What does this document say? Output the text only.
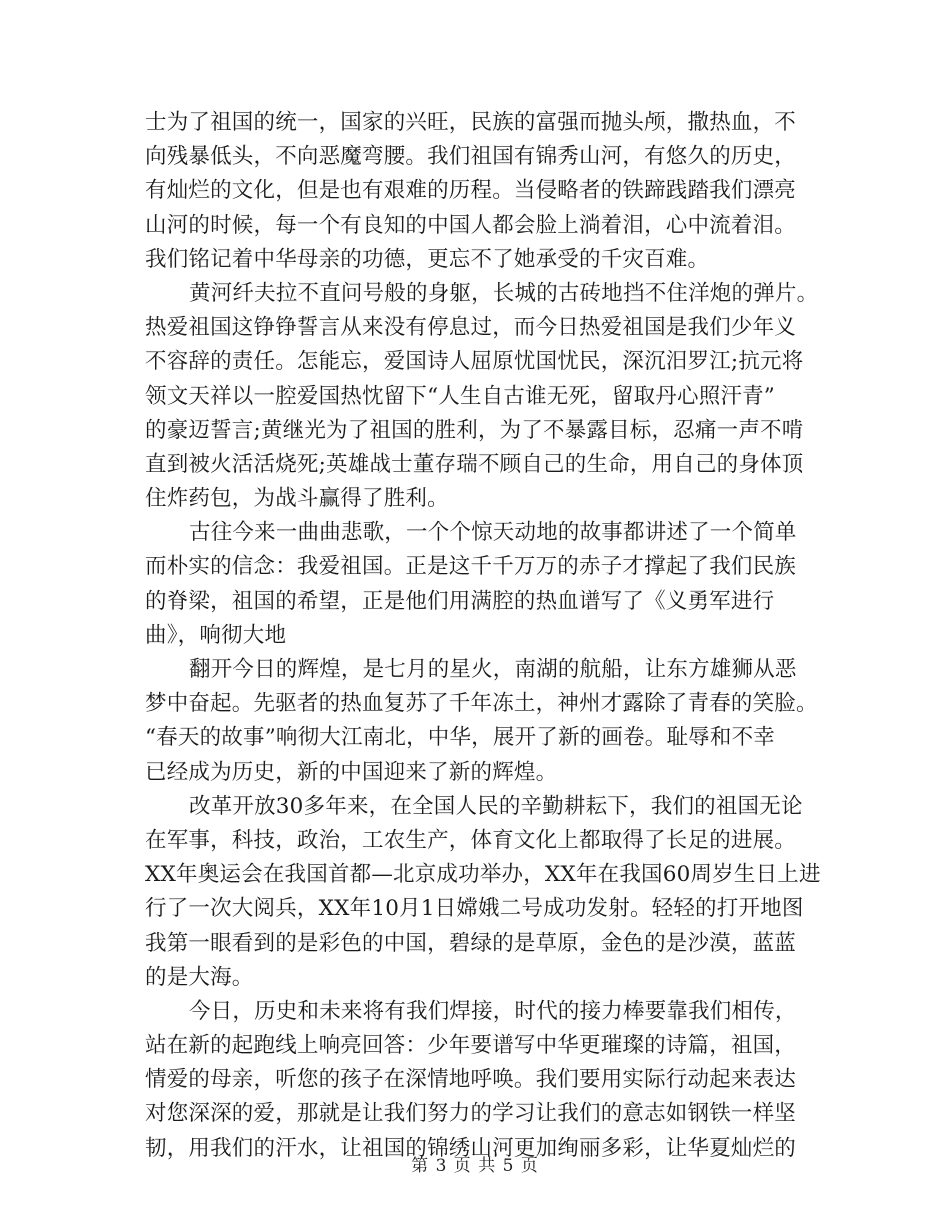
士为了祖国的统一，国家的兴旺，民族的富强而抛头颅，撒热血，不
向残暴低头，不向恶魔弯腰。我们祖国有锦秀山河，有悠久的历史，
有灿烂的文化，但是也有艰难的历程。当侵略者的铁蹄践踏我们漂亮
山河的时候，每一个有良知的中国人都会脸上淌着泪，心中流着泪。
我们铭记着中华母亲的功德，更忘不了她承受的千灾百难。
黄河纤夫拉不直问号般的身躯，长城的古砖地挡不住洋炮的弹片。
热爱祖国这铮铮誓言从来没有停息过，而今日热爱祖国是我们少年义
不容辞的责任。怎能忘，爱国诗人屈原忧国忧民，深沉汨罗江;抗元将
领文天祥以一腔爱国热忱留下“人生自古谁无死，留取丹心照汗青”
的豪迈誓言;黄继光为了祖国的胜利，为了不暴露目标，忍痛一声不啃
直到被火活活烧死;英雄战士董存瑞不顾自己的生命，用自己的身体顶
住炸药包，为战斗赢得了胜利。
古往今来一曲曲悲歌，一个个惊天动地的故事都讲述了一个简单
而朴实的信念：我爱祖国。正是这千千万万的赤子才撑起了我们民族
的脊梁，祖国的希望，正是他们用满腔的热血谱写了《义勇军进行
曲》，响彻大地
翻开今日的辉煌，是七月的星火，南湖的航船，让东方雄狮从恶
梦中奋起。先驱者的热血复苏了千年冻土，神州才露除了青春的笑脸。
“春天的故事”响彻大江南北，中华，展开了新的画卷。耻辱和不幸
已经成为历史，新的中国迎来了新的辉煌。
改革开放30多年来，在全国人民的辛勤耕耘下，我们的祖国无论
在军事，科技，政治，工农生产，体育文化上都取得了长足的进展。
XX年奥运会在我国首都—北京成功举办，XX年在我国60周岁生日上进
行了一次大阅兵，XX年10月1日嫦娥二号成功发射。轻轻的打开地图
我第一眼看到的是彩色的中国，碧绿的是草原，金色的是沙漠，蓝蓝
的是大海。
今日，历史和未来将有我们焊接，时代的接力棒要靠我们相传，
站在新的起跑线上响亮回答：少年要谱写中华更璀璨的诗篇，祖国，
情爱的母亲，听您的孩子在深情地呼唤。我们要用实际行动起来表达
对您深深的爱，那就是让我们努力的学习让我们的意志如钢铁一样坚
韧，用我们的汗水，让祖国的锦绣山河更加绚丽多彩，让华夏灿烂的
第 3 页 共 5 页
